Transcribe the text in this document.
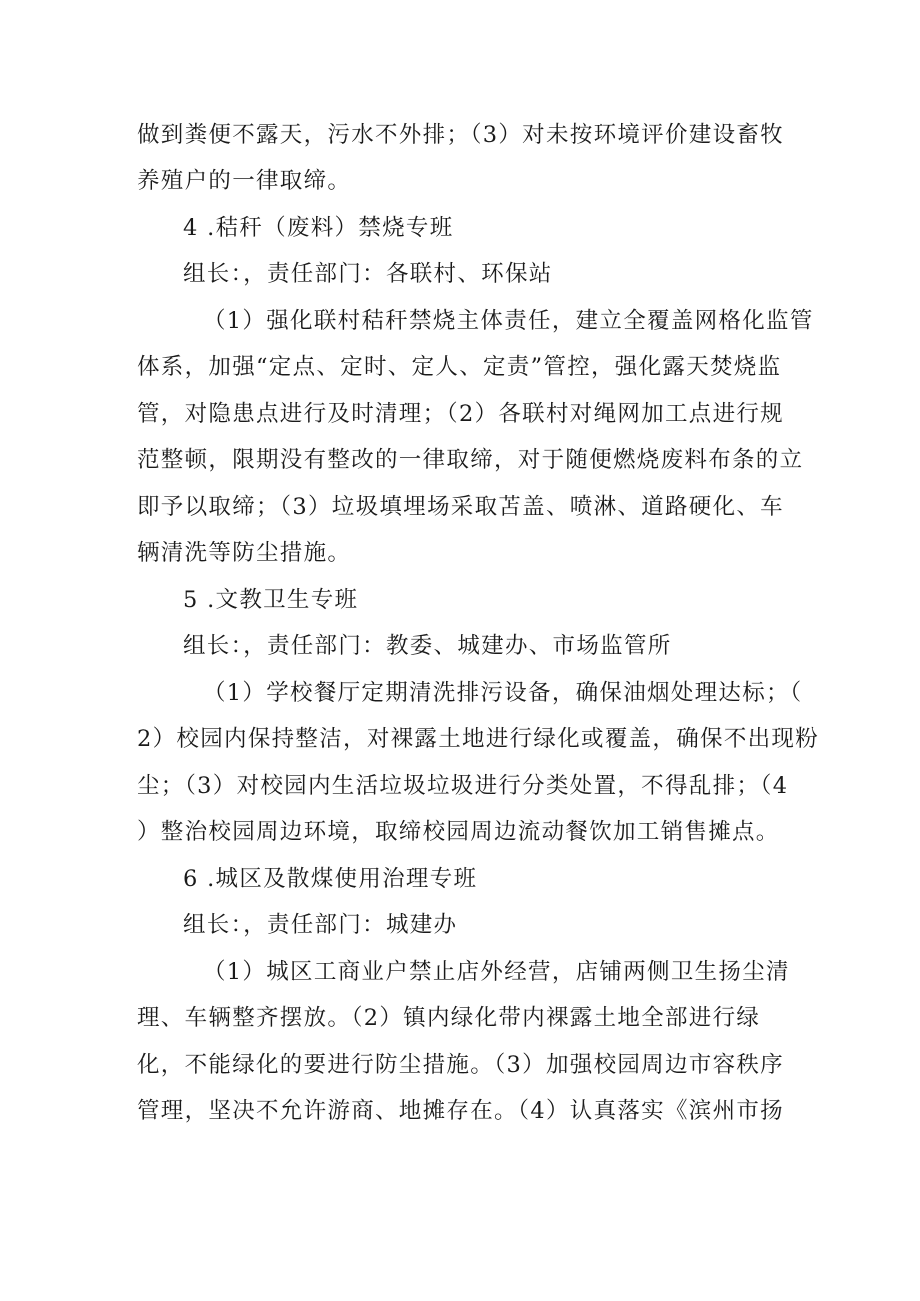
做到粪便不露天，污水不外排；（3）对未按环境评价建设畜牧
养殖户的一律取缔。
4 .秸秆（废料）禁烧专班
组长：，责任部门：各联村、环保站
（1）强化联村秸秆禁烧主体责任，建立全覆盖网格化监管
体系，加强“定点、定时、定人、定责”管控，强化露天焚烧监
管，对隐患点进行及时清理；（2）各联村对绳网加工点进行规
范整顿，限期没有整改的一律取缔，对于随便燃烧废料布条的立
即予以取缔；（3）垃圾填埋场采取苫盖、喷淋、道路硬化、车
辆清洗等防尘措施。
5 .文教卫生专班
组长：，责任部门：教委、城建办、市场监管所
（1）学校餐厅定期清洗排污设备，确保油烟处理达标；（
2）校园内保持整洁，对裸露土地进行绿化或覆盖，确保不出现粉
尘；（3）对校园内生活垃圾垃圾进行分类处置，不得乱排；（4
）整治校园周边环境，取缔校园周边流动餐饮加工销售摊点。
6 .城区及散煤使用治理专班
组长：，责任部门：城建办
（1）城区工商业户禁止店外经营，店铺两侧卫生扬尘清
理、车辆整齐摆放。（2）镇内绿化带内裸露土地全部进行绿
化，不能绿化的要进行防尘措施。（3）加强校园周边市容秩序
管理，坚决不允许游商、地摊存在。（4）认真落实《滨州市扬
